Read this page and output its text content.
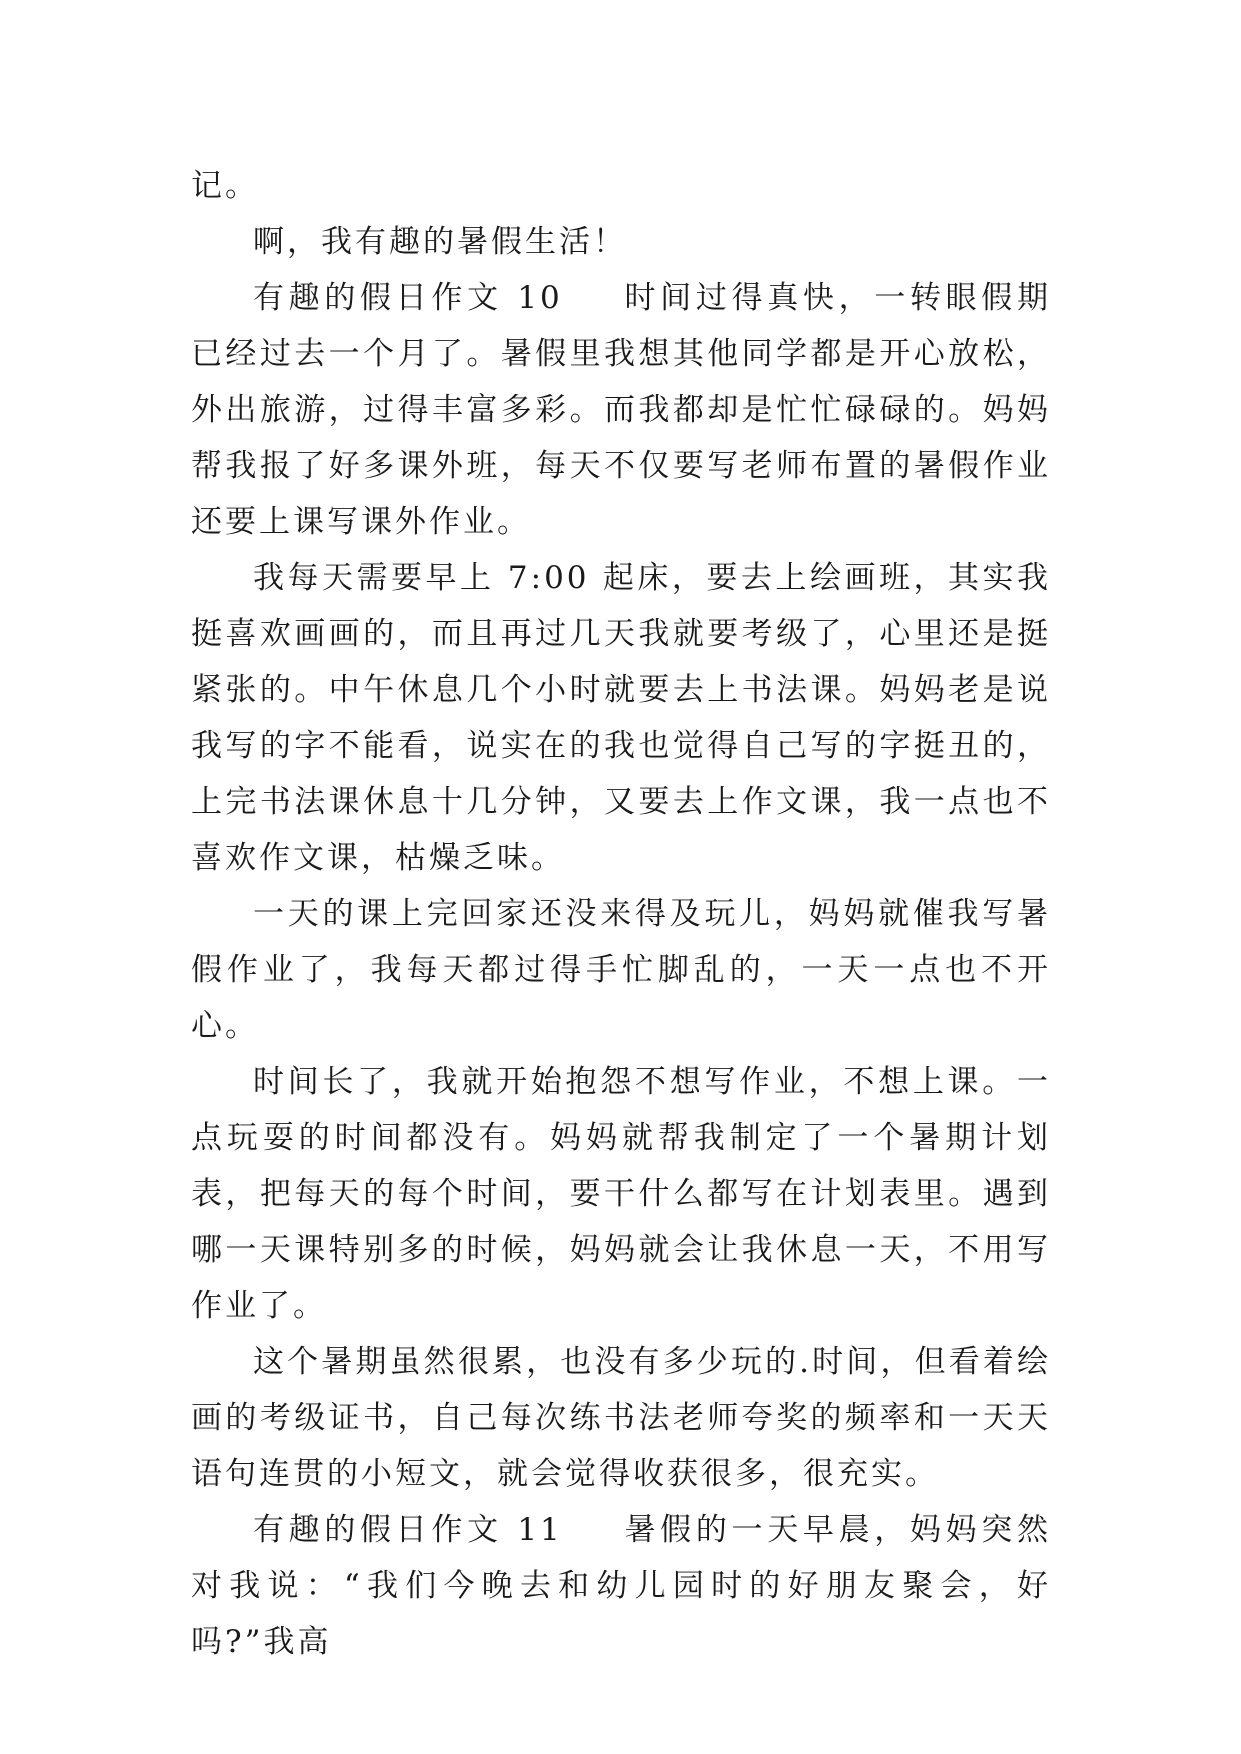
记。

啊，我有趣的暑假生活！

有趣的假日作文 10 时间过得真快，一转眼假期已经过去一个月了。暑假里我想其他同学都是开心放松，外出旅游，过得丰富多彩。而我都却是忙忙碌碌的。妈妈帮我报了好多课外班，每天不仅要写老师布置的暑假作业还要上课写课外作业。

我每天需要早上 7:00 起床，要去上绘画班，其实我挺喜欢画画的，而且再过几天我就要考级了，心里还是挺紧张的。中午休息几个小时就要去上书法课。妈妈老是说我写的字不能看，说实在的我也觉得自己写的字挺丑的，上完书法课休息十几分钟，又要去上作文课，我一点也不喜欢作文课，枯燥乏味。

一天的课上完回家还没来得及玩儿，妈妈就催我写暑假作业了，我每天都过得手忙脚乱的，一天一点也不开心。

时间长了，我就开始抱怨不想写作业，不想上课。一点玩耍的时间都没有。妈妈就帮我制定了一个暑期计划表，把每天的每个时间，要干什么都写在计划表里。遇到哪一天课特别多的时候，妈妈就会让我休息一天，不用写作业了。

这个暑期虽然很累，也没有多少玩的.时间，但看着绘画的考级证书，自己每次练书法老师夸奖的频率和一天天语句连贯的小短文，就会觉得收获很多，很充实。

有趣的假日作文 11 暑假的一天早晨，妈妈突然对我说：“我们今晚去和幼儿园时的好朋友聚会，好吗?”我高
